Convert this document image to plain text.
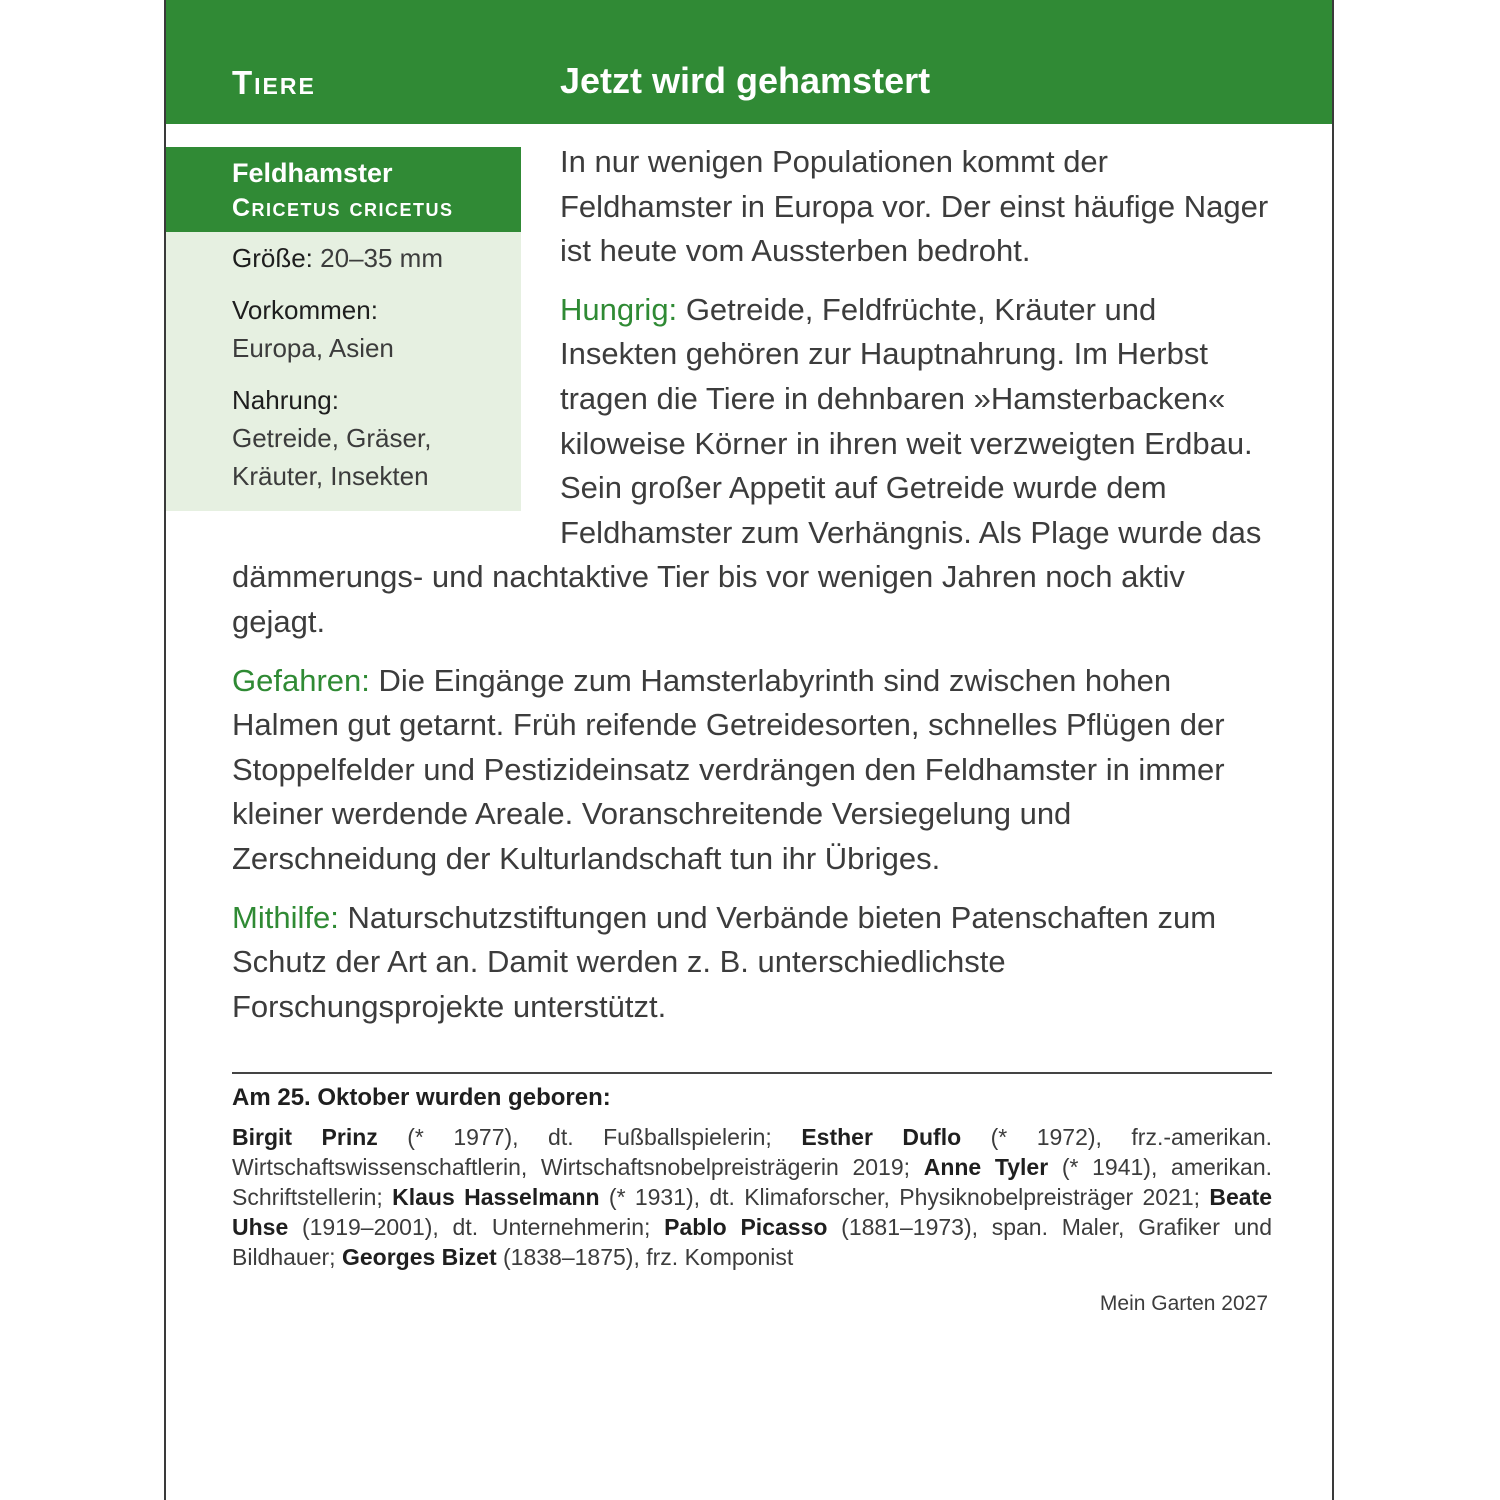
Tiere	Jetzt wird gehamstert
Feldhamster
Cricetus cricetus
Größe: 20–35 mm
Vorkommen:
Europa, Asien
Nahrung:
Getreide, Gräser,
Kräuter, Insekten

In nur wenigen Populationen kommt der Feldhamster in Europa vor. Der einst häufige Nager ist heute vom Aussterben bedroht.

Hungrig: Getreide, Feldfrüchte, Kräuter und Insekten gehören zur Hauptnahrung. Im Herbst tragen die Tiere in dehnbaren »Hamsterbacken« kiloweise Körner in ihren weit verzweigten Erdbau. Sein großer Appetit auf Getreide wurde dem Feldhamster zum Verhängnis. Als Plage wurde das dämmerungs- und nachtaktive Tier bis vor wenigen Jahren noch aktiv gejagt.

Gefahren: Die Eingänge zum Hamsterlabyrinth sind zwischen hohen Halmen gut getarnt. Früh reifende Getreidesorten, schnelles Pflügen der Stoppelfelder und Pestizideinsatz verdrängen den Feldhamster in immer kleiner werdende Areale. Voranschreitende Versiegelung und Zerschneidung der Kulturlandschaft tun ihr Übriges.

Mithilfe: Naturschutzstiftungen und Verbände bieten Patenschaften zum Schutz der Art an. Damit werden z. B. unterschiedlichste Forschungsprojekte unterstützt.

Am 25. Oktober wurden geboren:
Birgit Prinz (* 1977), dt. Fußballspielerin; Esther Duflo (* 1972), frz.-amerikan. Wirtschaftswissenschaftlerin, Wirtschaftsnobelpreisträgerin 2019; Anne Tyler (* 1941), amerikan. Schriftstellerin; Klaus Hasselmann (* 1931), dt. Klimaforscher, Physiknobelpreisträger 2021; Beate Uhse (1919–2001), dt. Unternehmerin; Pablo Picasso (1881–1973), span. Maler, Grafiker und Bildhauer; Georges Bizet (1838–1875), frz. Komponist
Mein Garten 2027
